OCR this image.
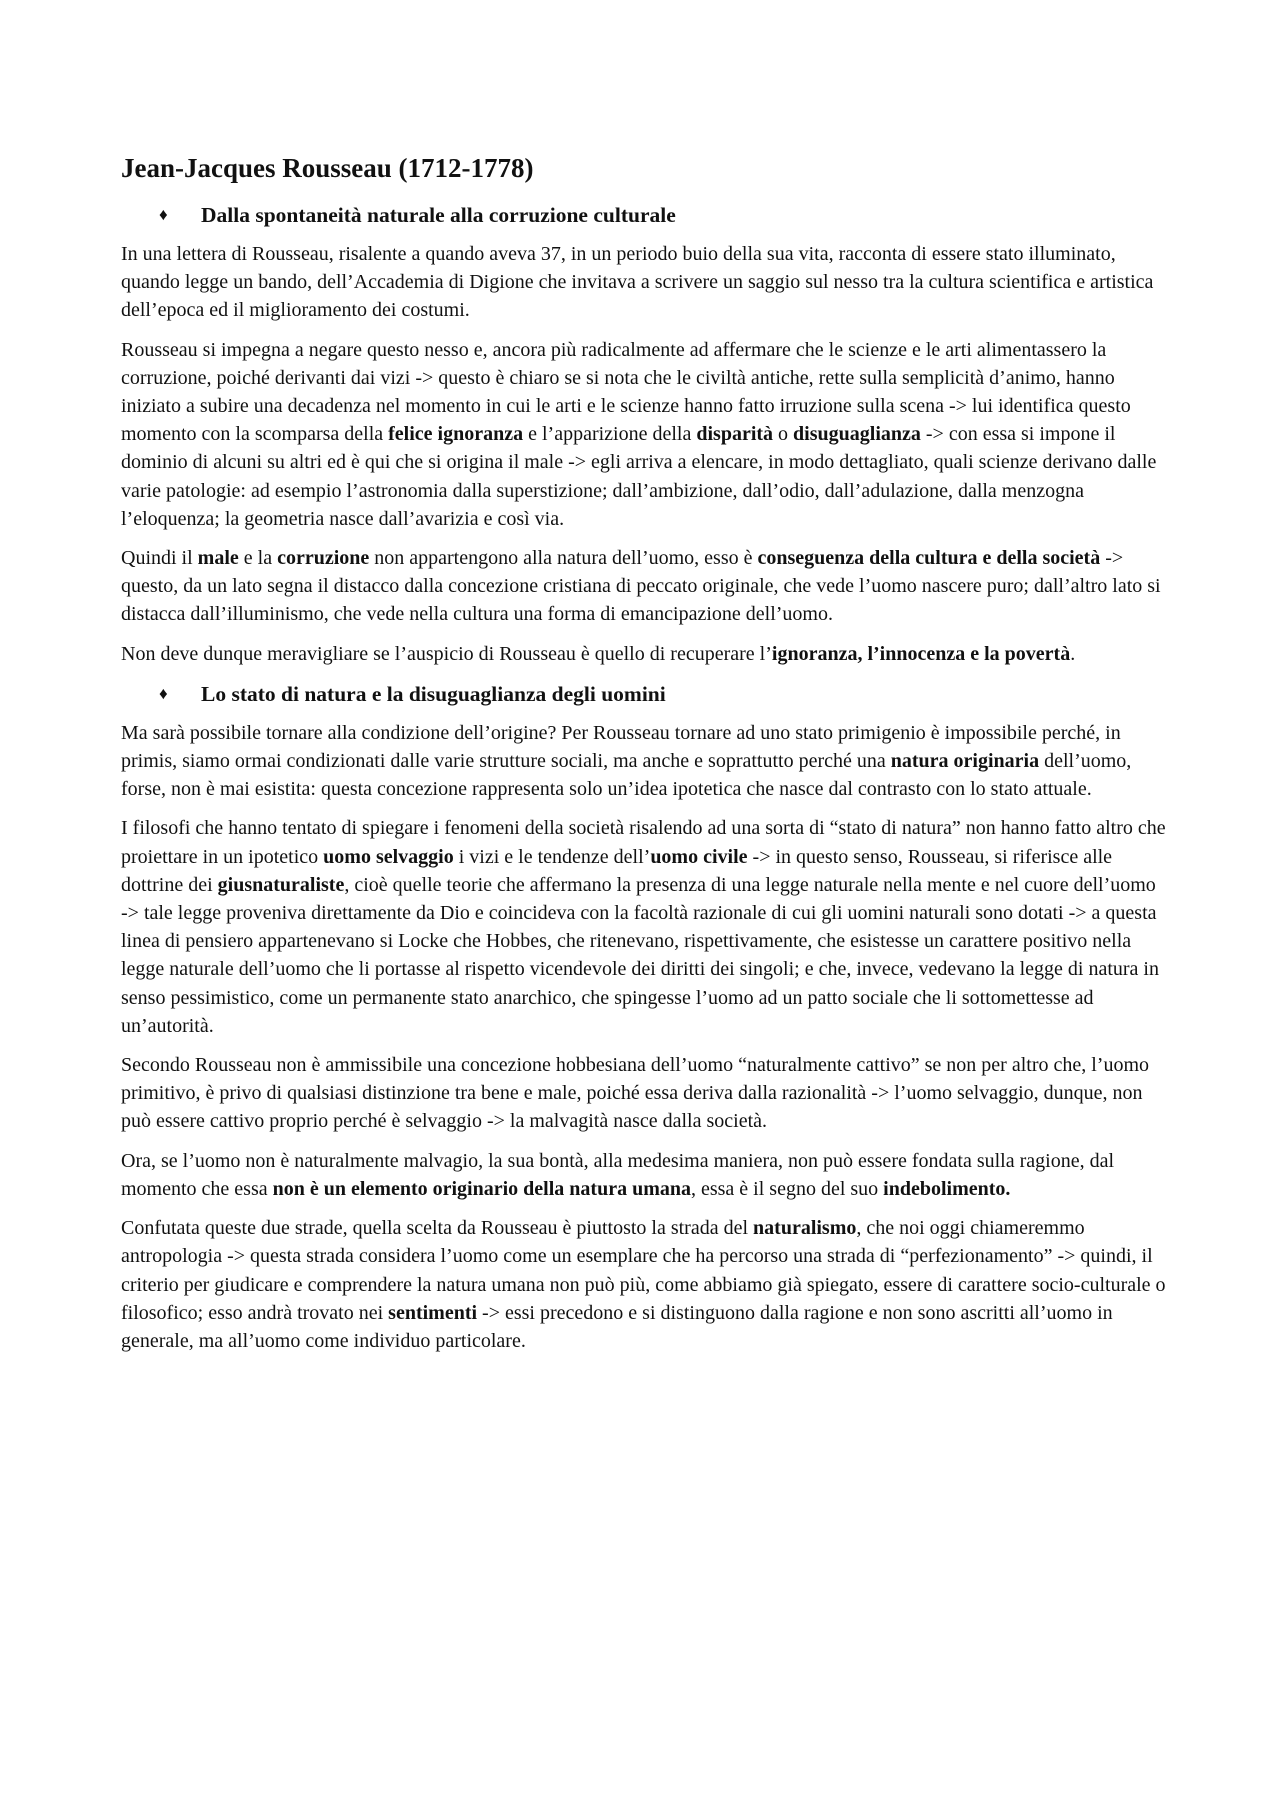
Jean-Jacques Rousseau (1712-1778)
♦	Dalla spontaneità naturale alla corruzione culturale

In una lettera di Rousseau, risalente a quando aveva 37, in un periodo buio della sua vita, racconta di essere stato illuminato, quando legge un bando, dell’Accademia di Digione che invitava a scrivere un saggio sul nesso tra la cultura scientifica e artistica dell’epoca ed il miglioramento dei costumi.

Rousseau si impegna a negare questo nesso e, ancora più radicalmente ad affermare che le scienze e le arti alimentassero la corruzione, poiché derivanti dai vizi -> questo è chiaro se si nota che le civiltà antiche, rette sulla semplicità d’animo, hanno iniziato a subire una decadenza nel momento in cui le arti e le scienze hanno fatto irruzione sulla scena -> lui identifica questo momento con la scomparsa della felice ignoranza e l’apparizione della disparità o disuguaglianza -> con essa si impone il dominio di alcuni su altri ed è qui che si origina il male -> egli arriva a elencare, in modo dettagliato, quali scienze derivano dalle varie patologie: ad esempio l’astronomia dalla superstizione; dall’ambizione, dall’odio, dall’adulazione, dalla menzogna l’eloquenza; la geometria nasce dall’avarizia e così via.

Quindi il male e la corruzione non appartengono alla natura dell’uomo, esso è conseguenza della cultura e della società -> questo, da un lato segna il distacco dalla concezione cristiana di peccato originale, che vede l’uomo nascere puro; dall’altro lato si distacca dall’illuminismo, che vede nella cultura una forma di emancipazione dell’uomo.

Non deve dunque meravigliare se l’auspicio di Rousseau è quello di recuperare l’ignoranza, l’innocenza e la povertà.

♦	Lo stato di natura e la disuguaglianza degli uomini

Ma sarà possibile tornare alla condizione dell’origine? Per Rousseau tornare ad uno stato primigenio è impossibile perché, in primis, siamo ormai condizionati dalle varie strutture sociali, ma anche e soprattutto perché una natura originaria dell’uomo, forse, non è mai esistita: questa concezione rappresenta solo un’idea ipotetica che nasce dal contrasto con lo stato attuale.

I filosofi che hanno tentato di spiegare i fenomeni della società risalendo ad una sorta di “stato di natura” non hanno fatto altro che proiettare in un ipotetico uomo selvaggio i vizi e le tendenze dell’uomo civile -> in questo senso, Rousseau, si riferisce alle dottrine dei giusnaturaliste, cioè quelle teorie che affermano la presenza di una legge naturale nella mente e nel cuore dell’uomo -> tale legge proveniva direttamente da Dio e coincideva con la facoltà razionale di cui gli uomini naturali sono dotati -> a questa linea di pensiero appartenevano si Locke che Hobbes, che ritenevano, rispettivamente, che esistesse un carattere positivo nella legge naturale dell’uomo che li portasse al rispetto vicendevole dei diritti dei singoli; e che, invece, vedevano la legge di natura in senso pessimistico, come un permanente stato anarchico, che spingesse l’uomo ad un patto sociale che li sottomettesse ad un’autorità.

Secondo Rousseau non è ammissibile una concezione hobbesiana dell’uomo “naturalmente cattivo” se non per altro che, l’uomo primitivo, è privo di qualsiasi distinzione tra bene e male, poiché essa deriva dalla razionalità -> l’uomo selvaggio, dunque, non può essere cattivo proprio perché è selvaggio -> la malvagità nasce dalla società.

Ora, se l’uomo non è naturalmente malvagio, la sua bontà, alla medesima maniera, non può essere fondata sulla ragione, dal momento che essa non è un elemento originario della natura umana, essa è il segno del suo indebolimento.

Confutata queste due strade, quella scelta da Rousseau è piuttosto la strada del naturalismo, che noi oggi chiameremmo antropologia -> questa strada considera l’uomo come un esemplare che ha percorso una strada di “perfezionamento” -> quindi, il criterio per giudicare e comprendere la natura umana non può più, come abbiamo già spiegato, essere di carattere socio-culturale o filosofico; esso andrà trovato nei sentimenti -> essi precedono e si distinguono dalla ragione e non sono ascritti all’uomo in generale, ma all’uomo come individuo particolare.
